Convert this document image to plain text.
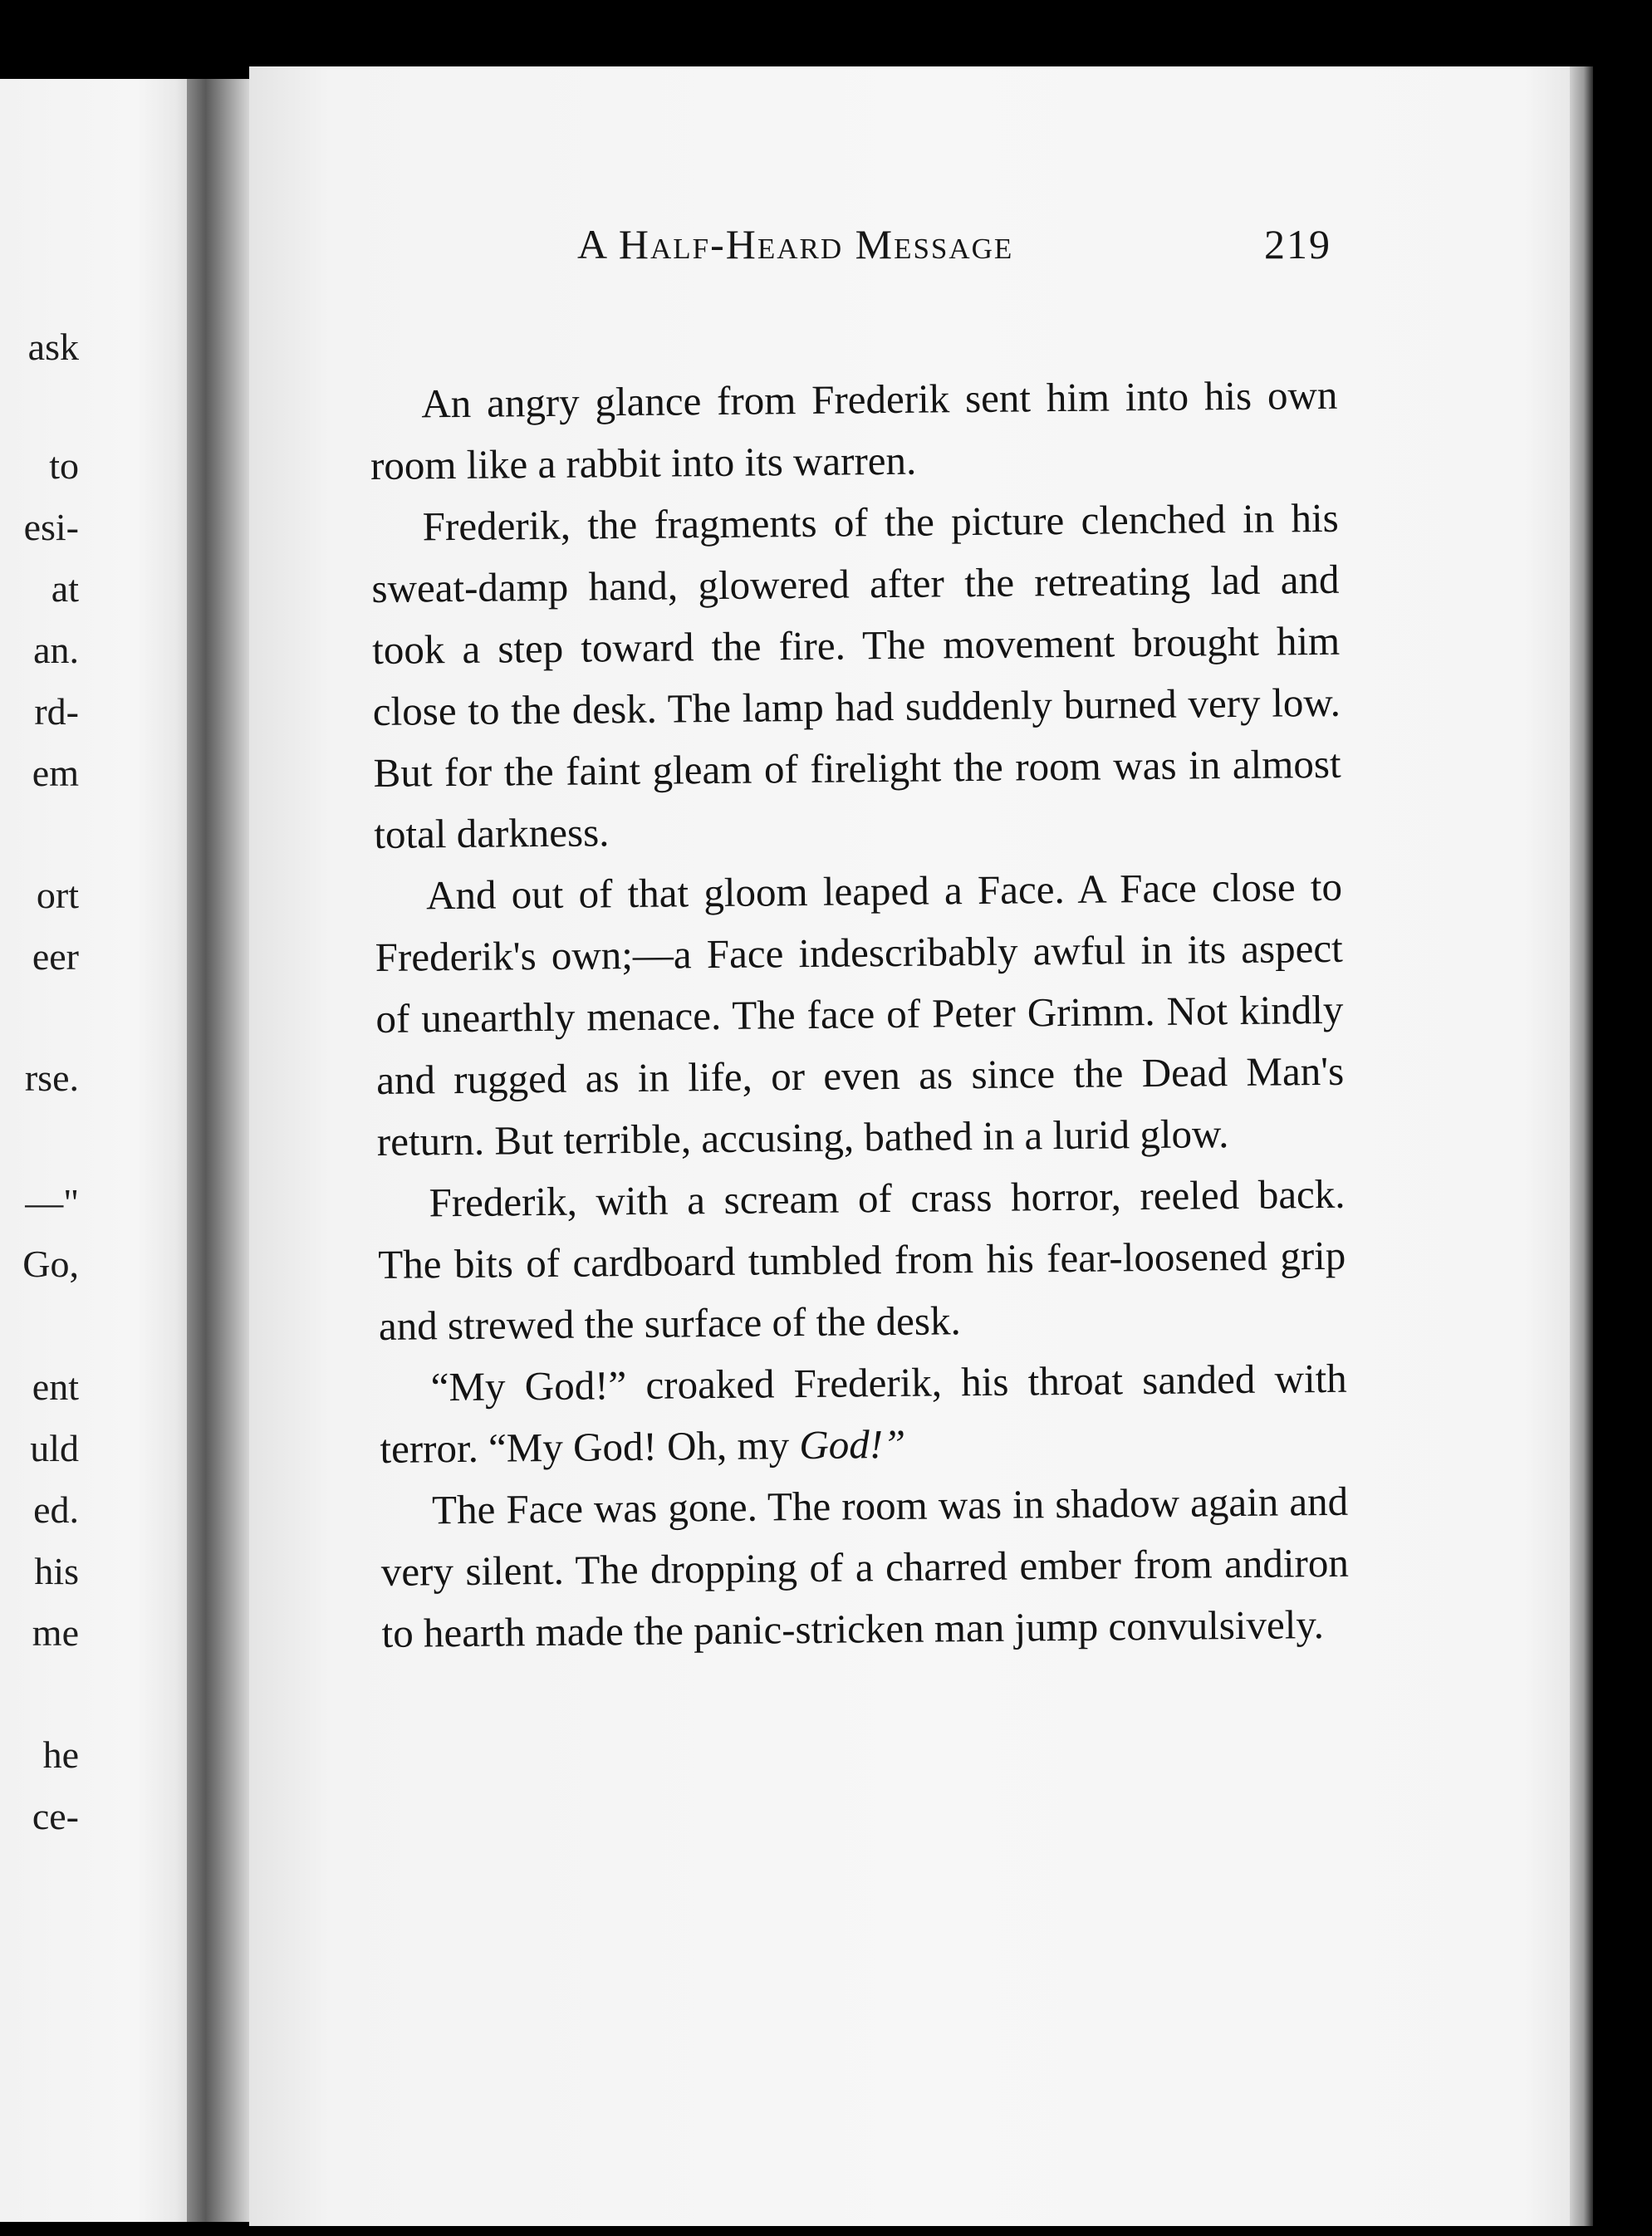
ask
to
esi-
at
an.
rd-
em
ort
eer
rse.
—"
Go,
ent
uld
ed.
his
me
he
ce-
A Half-Heard Message	219

An angry glance from Frederik sent him into his own room like a rabbit into its warren.

Frederik, the fragments of the picture clenched in his sweat-damp hand, glowered after the retreating lad and took a step toward the fire. The movement brought him close to the desk. The lamp had suddenly burned very low. But for the faint gleam of firelight the room was in almost total darkness.

And out of that gloom leaped a Face. A Face close to Frederik's own;—a Face indescribably awful in its aspect of unearthly menace. The face of Peter Grimm. Not kindly and rugged as in life, or even as since the Dead Man's return. But terrible, accusing, bathed in a lurid glow.

Frederik, with a scream of crass horror, reeled back. The bits of cardboard tumbled from his fear-loosened grip and strewed the surface of the desk.

“My God!” croaked Frederik, his throat sanded with terror. “My God! Oh, my God!”

The Face was gone. The room was in shadow again and very silent. The dropping of a charred ember from andiron to hearth made the panic-stricken man jump convulsively.
